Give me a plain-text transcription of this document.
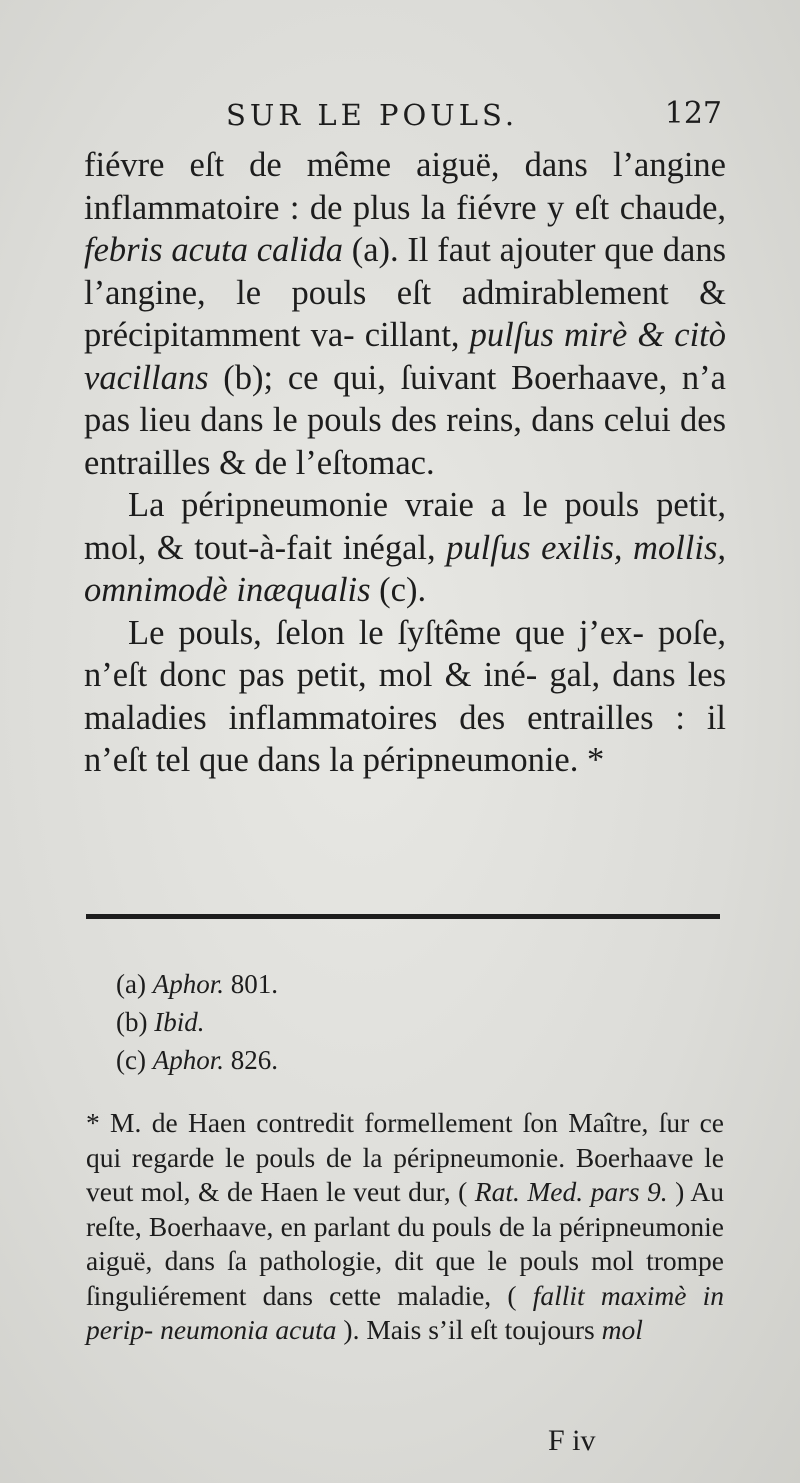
SUR LE POULS.	127

fiévre eſt de même aiguë, dans l’angine inflammatoire : de plus la fiévre y eſt chaude, febris acuta calida (a). Il faut ajouter que dans l’angine, le pouls eſt admirablement & précipitamment va- cillant, pulſus mirè & citò vacillans (b); ce qui, ſuivant Boerhaave, n’a pas lieu dans le pouls des reins, dans celui des entrailles & de l’eſtomac.

La péripneumonie vraie a le pouls petit, mol, & tout-à-fait inégal, pulſus exilis, mollis, omnimodè inæqualis (c).

Le pouls, ſelon le ſyſtême que j’ex- poſe, n’eſt donc pas petit, mol & iné- gal, dans les maladies inflammatoires des entrailles : il n’eſt tel que dans la péripneumonie. *

(a) Aphor. 801.
(b) Ibid.
(c) Aphor. 826.

* M. de Haen contredit formellement ſon Maître, ſur ce qui regarde le pouls de la péripneumonie. Boerhaave le veut mol, & de Haen le veut dur, ( Rat. Med. pars 9. ) Au reſte, Boerhaave, en parlant du pouls de la péripneumonie aiguë, dans ſa pathologie, dit que le pouls mol trompe ſinguliérement dans cette maladie, ( fallit maximè in perip- neumonia acuta ). Mais s’il eſt toujours mol

F iv
